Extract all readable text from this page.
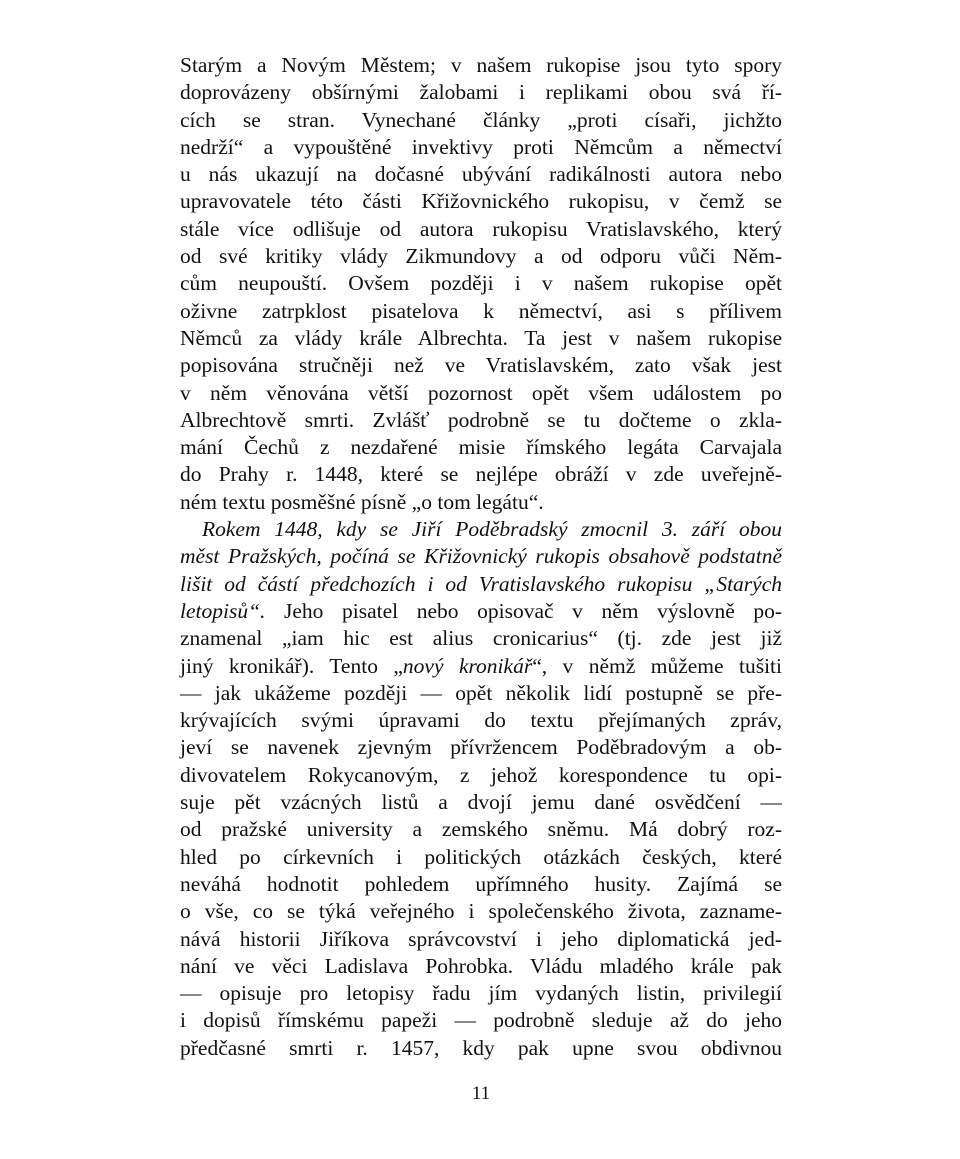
Starým a Novým Městem; v našem rukopise jsou tyto spory
doprovázeny obšírnými žalobami i replikami obou svá ří-
cích se stran. Vynechané články „proti císaři, jichžto
nedrží“ a vypouštěné invektivy proti Němcům a němectví
u nás ukazují na dočasné ubývání radikálnosti autora nebo
upravovatele této části Křižovnického rukopisu, v čemž se
stále více odlišuje od autora rukopisu Vratislavského, který
od své kritiky vlády Zikmundovy a od odporu vůči Něm-
cům neupouští. Ovšem později i v našem rukopise opět
oživne zatrpklost pisatelova k němectví, asi s přílivem
Němců za vlády krále Albrechta. Ta jest v našem rukopise
popisována stručněji než ve Vratislavském, zato však jest
v něm věnována větší pozornost opět všem událostem po
Albrechtově smrti. Zvlášť podrobně se tu dočteme o zkla-
mání Čechů z nezdařené misie římského legáta Carvajala
do Prahy r. 1448, které se nejlépe obráží v zde uveřejně-
ném textu posměšné písně „o tom legátu“.
Rokem 1448, kdy se Jiří Poděbradský zmocnil 3. září obou
měst Pražských, počíná se Křižovnický rukopis obsahově podstatně
lišit od částí předchozích i od Vratislavského rukopisu „Starých
letopisů“. Jeho pisatel nebo opisovač v něm výslovně po-
znamenal „iam hic est alius cronicarius“ (tj. zde jest již
jiný kronikář). Tento „nový kronikář“, v němž můžeme tušiti
— jak ukážeme později — opět několik lidí postupně se pře-
krývajících svými úpravami do textu přejímaných zpráv,
jeví se navenek zjevným přívržencem Poděbradovým a ob-
divovatelem Rokycanovým, z jehož korespondence tu opi-
suje pět vzácných listů a dvojí jemu dané osvědčení —
od pražské university a zemského sněmu. Má dobrý roz-
hled po církevních i politických otázkách českých, které
neváhá hodnotit pohledem upřímného husity. Zajímá se
o vše, co se týká veřejného i společenského života, zazname-
nává historii Jiříkova správcovství i jeho diplomatická jed-
nání ve věci Ladislava Pohrobka. Vládu mladého krále pak
— opisuje pro letopisy řadu jím vydaných listin, privilegií
i dopisů římskému papeži — podrobně sleduje až do jeho
předčasné smrti r. 1457, kdy pak upne svou obdivnou
11
